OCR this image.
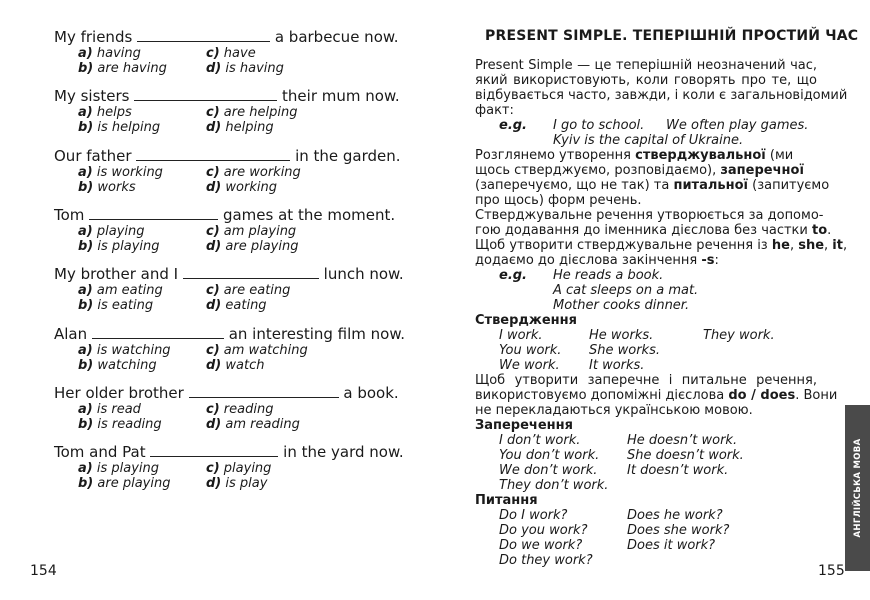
My friends	a barbecue now.
a) having	c) have
b) are having	d) is having
My sisters	their mum now.
a) helps	c) are helping
b) is helping	d) helping
Our father	in the garden.
a) is working	c) are working
b) works	d) working
Tom	games at the moment.
a) playing	c) am playing
b) is playing	d) are playing
My brother and I	lunch now.
a) am eating	c) are eating
b) is eating	d) eating
Alan	an interesting film now.
a) is watching	c) am watching
b) watching	d) watch
Her older brother	a book.
a) is read	c) reading
b) is reading	d) am reading
Tom and Pat	in the yard now.
a) is playing	c) playing
b) are playing	d) is play
154
PRESENT SIMPLE. ТЕПЕРІШНІЙ ПРОСТИЙ ЧАС
Present Simple — це теперішній неозначений час,
який використовують, коли говорять про те, що
відбувається часто, завжди, і коли є загальновідомий
факт:
e.g. I go to school. We often play games.
Kyiv is the capital of Ukraine.
Розглянемо утворення стверджувальної (ми
щось стверджуємо, розповідаємо), заперечної
(заперечуємо, що не так) та питальної (запитуємо
про щось) форм речень.
Стверджувальне речення утворюється за допомо-
гою додавання до іменника дієслова без частки to.
Щоб утворити стверджувальне речення із he, she, it,
додаємо до дієслова закінчення -s:
e.g. He reads a book.
A cat sleeps on a mat.
Mother cooks dinner.
Ствердження
I work.	He works.	They work.
You work. She works.
We work. It works.
Щоб утворити заперечне і питальне речення,
використовуємо допоміжні дієслова do / does. Вони
не перекладаються українською мовою.
Заперечення
I don’t work.	He doesn’t work.
You don’t work. She doesn’t work.
We don’t work. It doesn’t work.
They don’t work.
Питання
Do I work?	Does he work?
Do you work?	Does she work?
Do we work?	Does it work?
Do they work?
155
АНГЛІЙСЬКА МОВА
